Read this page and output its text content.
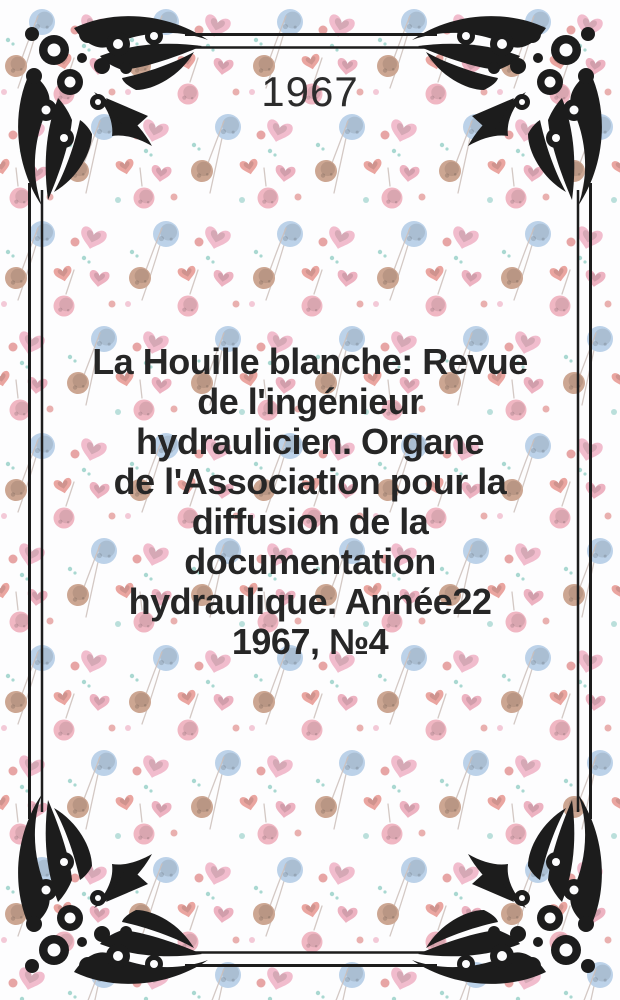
1967
La Houille blanche: Revue
de l'ingénieur
hydraulicien. Organe
de l'Association pour la
diffusion de la
documentation
hydraulique. Année22
1967, №4
